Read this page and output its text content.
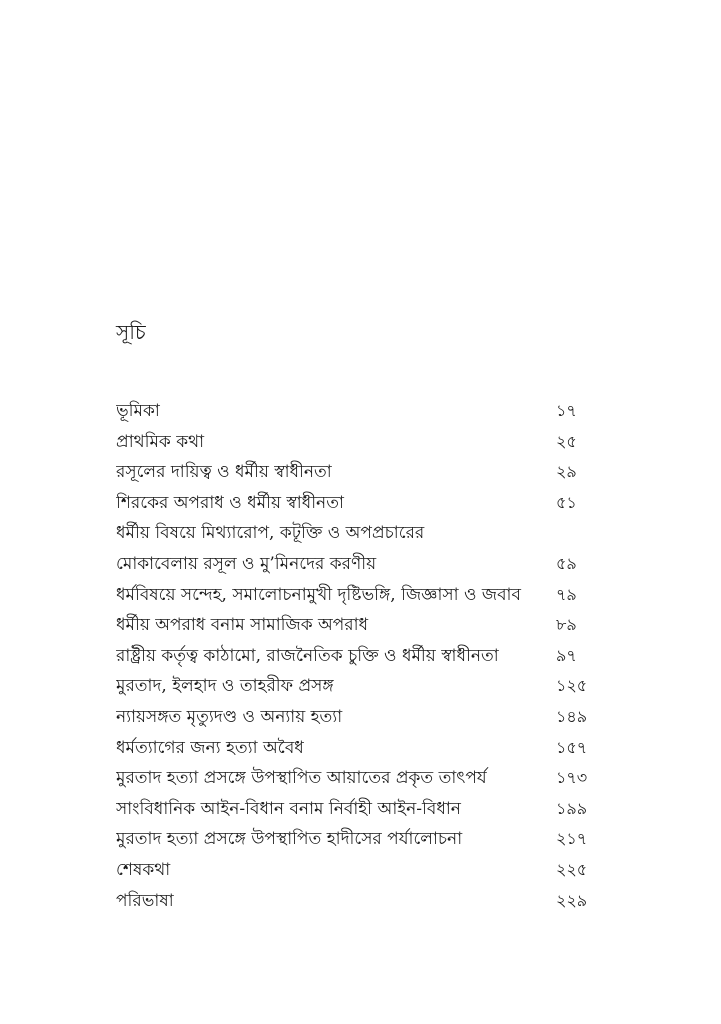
সূচি
ভূমিকা	১৭
প্রাথমিক কথা	২৫
রসূলের দায়িত্ব ও ধর্মীয় স্বাধীনতা	২৯
শিরকের অপরাধ ও ধর্মীয় স্বাধীনতা	৫১
ধর্মীয় বিষয়ে মিথ্যারোপ, কটূক্তি ও অপপ্রচারের
মোকাবেলায় রসূল ও মু’মিনদের করণীয়	৫৯
ধর্মবিষয়ে সন্দেহ, সমালোচনামুখী দৃষ্টিভঙ্গি, জিজ্ঞাসা ও জবাব	৭৯
ধর্মীয় অপরাধ বনাম সামাজিক অপরাধ	৮৯
রাষ্ট্রীয় কর্তৃত্ব কাঠামো, রাজনৈতিক চুক্তি ও ধর্মীয় স্বাধীনতা	৯৭
মুরতাদ, ইলহাদ ও তাহরীফ প্রসঙ্গ	১২৫
ন্যায়সঙ্গত মৃত্যুদণ্ড ও অন্যায় হত্যা	১৪৯
ধর্মত্যাগের জন্য হত্যা অবৈধ	১৫৭
মুরতাদ হত্যা প্রসঙ্গে উপস্থাপিত আয়াতের প্রকৃত তাৎপর্য	১৭৩
সাংবিধানিক আইন-বিধান বনাম নির্বাহী আইন-বিধান	১৯৯
মুরতাদ হত্যা প্রসঙ্গে উপস্থাপিত হাদীসের পর্যালোচনা	২১৭
শেষকথা	২২৫
পরিভাষা	২২৯
